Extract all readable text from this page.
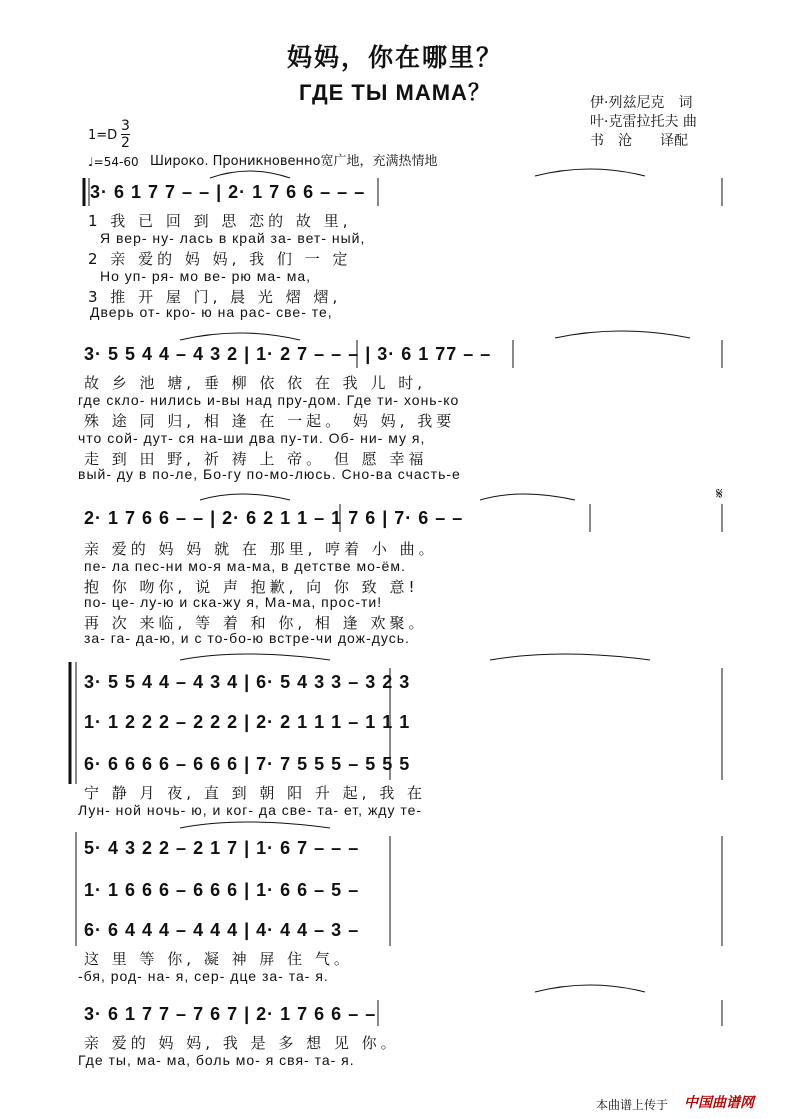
妈妈，你在哪里？
ГДЕ ТЫ МАМА？	伊·列兹尼克　词
叶·克雷拉托夫 曲
书　沧　　译配
1=D
3
2
♩=54-60 Широко. Проникновенно宽广地，充满热情地
3· 6 1 7 7 – – | 2· 1 7 6 6 – – –
1 我 已 回 到 思 恋的 故 里,
Я вер- ну- лась в край за- вет- ный,
2 亲 爱的 妈 妈, 我 们 一 定
Но уп- ря- мо ве- рю ма- ма,
3 推 开 屋 门, 晨 光 熠 熠,
Дверь от- кро- ю на рас- све- те,
3· 5 5 4 4 – 4 3 2 | 1· 2 7 – – – | 3· 6 1 77 – –
故 乡 池 塘, 垂 柳 依 依 在 我 儿 时,
где скло- нились и-вы над пру-дом. Где ти- хонь-ко
殊 途 同 归, 相 逢 在 一起。 妈 妈, 我要
что сой- дут- ся на-ши два пу-ти. Об- ни- му я,
走 到 田 野, 祈 祷 上 帝。 但 愿 幸福
вый- ду в по-ле, Бо-гу по-мо-люсь. Сно-ва счасть-е
2· 1 7 6 6 – – | 2· 6 2 1 1 – 1 7 6 | 7· 6 – –
亲 爱的 妈 妈 就 在 那里, 哼着 小 曲。
пе- ла пес-ни мо-я ма-ма, в детстве мо-ём.
抱 你 吻你, 说 声 抱歉, 向 你 致 意!
по- це- лу-ю и ска-жу я, Ма-ма, прос-ти!
再 次 来临, 等 着 和 你, 相 逢 欢聚。
за- га- да-ю, и с то-бо-ю встре-чи дож-дусь.
𝄋
3· 5 5 4 4 – 4 3 4 | 6· 5 4 3 3 – 3 2 3
1· 1 2 2 2 – 2 2 2 | 2· 2 1 1 1 – 1 1 1
6· 6 6 6 6 – 6 6 6 | 7· 7 5 5 5 – 5 5 5
宁 静 月 夜, 直 到 朝 阳 升 起, 我 在
Лун- ной ночь- ю, и ког- да све- та- ет, жду те-
5· 4 3 2 2 – 2 1 7 | 1· 6 7 – – –
1· 1 6 6 6 – 6 6 6 | 1· 6 6 – 5 –
6· 6 4 4 4 – 4 4 4 | 4· 4 4 – 3 –
这 里 等 你, 凝 神 屏 住 气。
-бя, род- на- я, сер- дце за- та- я.
3· 6 1 7 7 – 7 6 7 | 2· 1 7 6 6 – –
亲 爱的 妈 妈, 我 是 多 想 见 你。
Где ты, ма- ма, боль мо- я свя- та- я.
本曲谱上传于 中国曲谱网
